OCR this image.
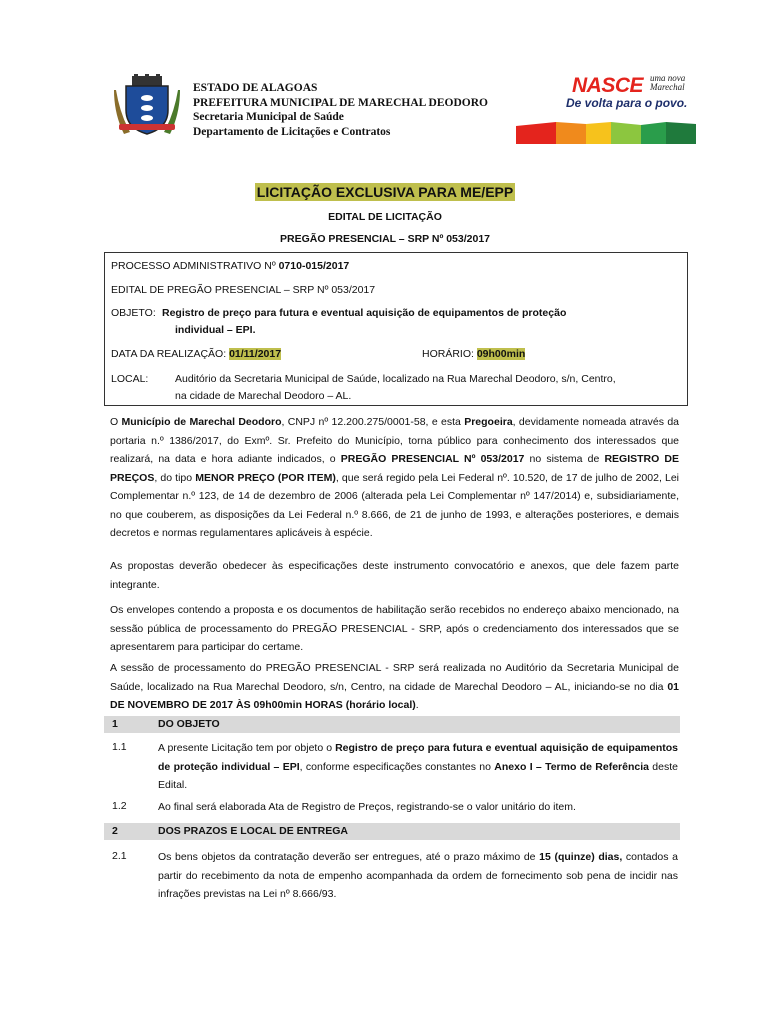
ESTADO DE ALAGOAS
PREFEITURA MUNICIPAL DE MARECHAL DEODORO
Secretaria Municipal de Saúde
Departamento de Licitações e Contratos
NASCE uma nova Marechal
De volta para o povo.
LICITAÇÃO EXCLUSIVA PARA ME/EPP
EDITAL DE LICITAÇÃO
PREGÃO PRESENCIAL – SRP Nº 053/2017
PROCESSO ADMINISTRATIVO Nº 0710-015/2017
EDITAL DE PREGÃO PRESENCIAL – SRP Nº 053/2017
OBJETO: Registro de preço para futura e eventual aquisição de equipamentos de proteção
individual – EPI.
DATA DA REALIZAÇÃO: 01/11/2017	HORÁRIO: 09h00min
LOCAL:	Auditório da Secretaria Municipal de Saúde, localizado na Rua Marechal Deodoro, s/n, Centro,
na cidade de Marechal Deodoro – AL.
O Município de Marechal Deodoro, CNPJ nº 12.200.275/0001-58, e esta Pregoeira, devidamente nomeada através da portaria n.º 1386/2017, do Exmº. Sr. Prefeito do Município, torna público para conhecimento dos interessados que realizará, na data e hora adiante indicados, o PREGÃO PRESENCIAL Nº 053/2017 no sistema de REGISTRO DE PREÇOS, do tipo MENOR PREÇO (POR ITEM), que será regido pela Lei Federal nº. 10.520, de 17 de julho de 2002, Lei Complementar n.º 123, de 14 de dezembro de 2006 (alterada pela Lei Complementar nº 147/2014) e, subsidiariamente, no que couberem, as disposições da Lei Federal n.º 8.666, de 21 de junho de 1993, e alterações posteriores, e demais decretos e normas regulamentares aplicáveis à espécie.
As propostas deverão obedecer às especificações deste instrumento convocatório e anexos, que dele fazem parte integrante.
Os envelopes contendo a proposta e os documentos de habilitação serão recebidos no endereço abaixo mencionado, na sessão pública de processamento do PREGÃO PRESENCIAL - SRP, após o credenciamento dos interessados que se apresentarem para participar do certame.
A sessão de processamento do PREGÃO PRESENCIAL - SRP será realizada no Auditório da Secretaria Municipal de Saúde, localizado na Rua Marechal Deodoro, s/n, Centro, na cidade de Marechal Deodoro – AL, iniciando-se no dia 01 DE NOVEMBRO DE 2017 ÀS 09h00min HORAS (horário local).
1	DO OBJETO
1.1	A presente Licitação tem por objeto o Registro de preço para futura e eventual aquisição de equipamentos de proteção individual – EPI, conforme especificações constantes no Anexo I – Termo de Referência deste Edital.
1.2	Ao final será elaborada Ata de Registro de Preços, registrando-se o valor unitário do item.
2	DOS PRAZOS E LOCAL DE ENTREGA
2.1	Os bens objetos da contratação deverão ser entregues, até o prazo máximo de 15 (quinze) dias, contados a partir do recebimento da nota de empenho acompanhada da ordem de fornecimento sob pena de incidir nas infrações previstas na Lei nº 8.666/93.
